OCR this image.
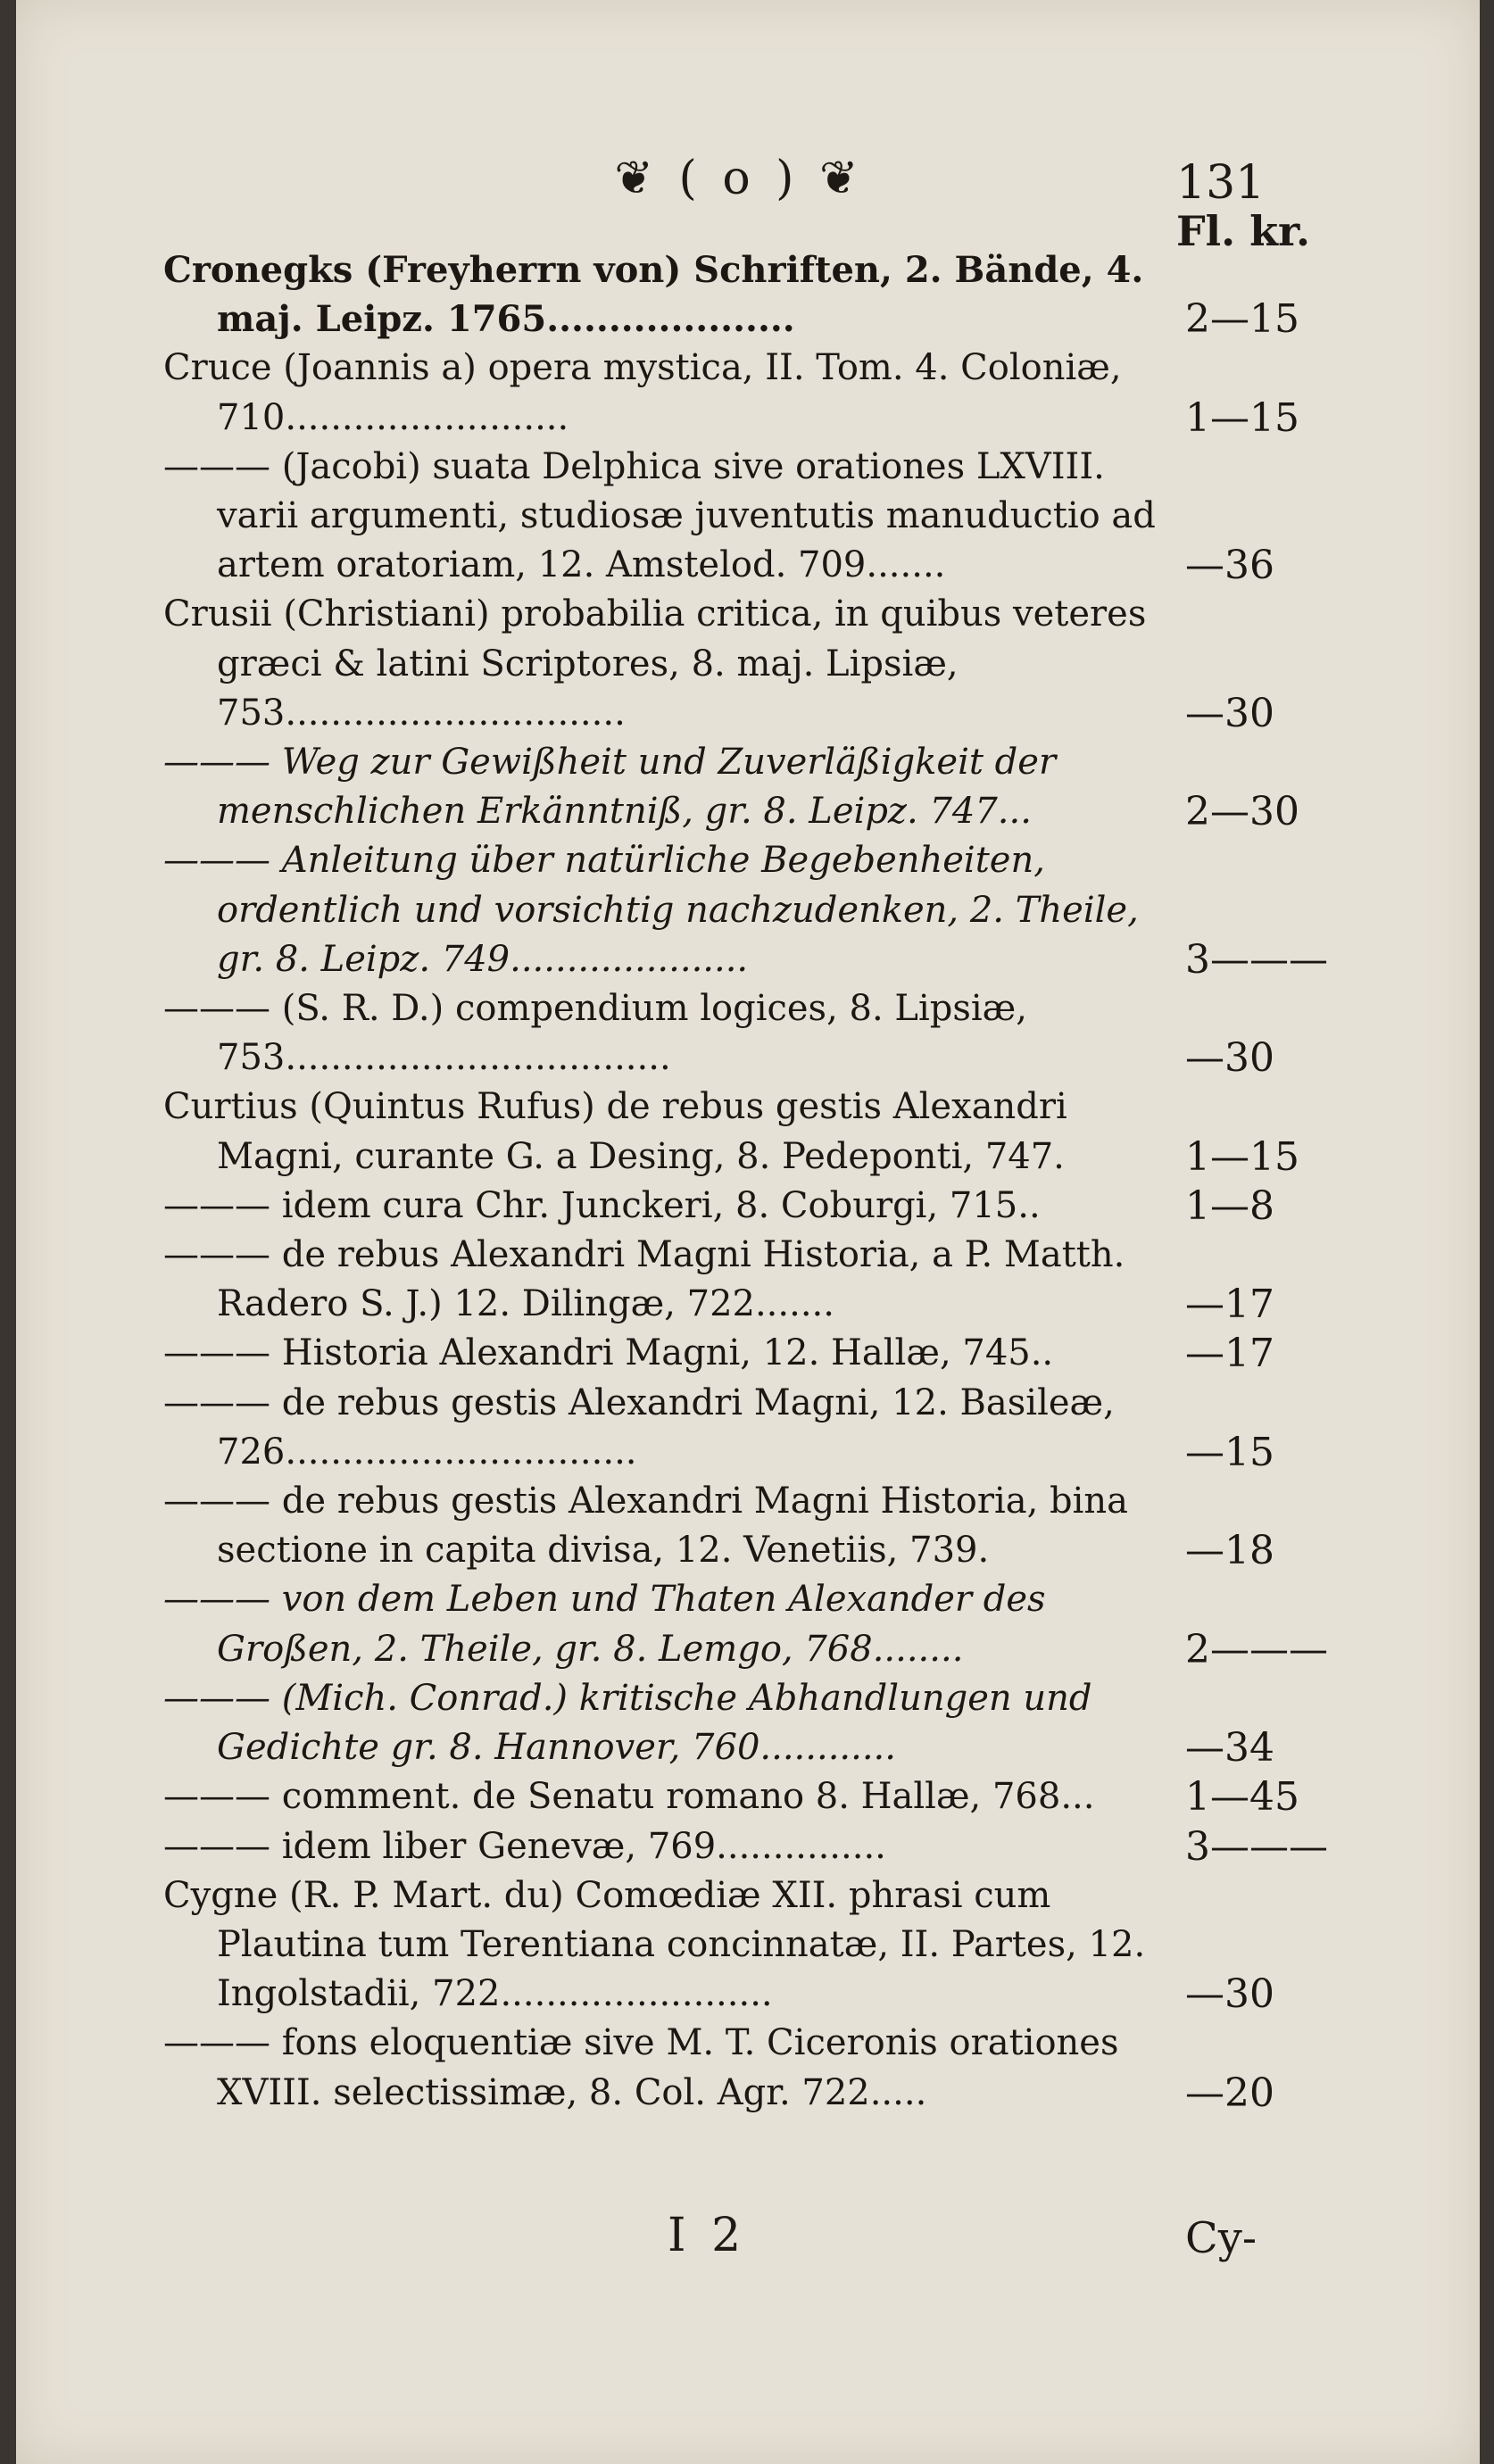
❦ ( o ) ❦	131
Fl. kr.
Cronegks (Freyherrn von) Schriften, 2. Bände, 4. maj. Leipz. 1765....................	2—15
Cruce (Joannis a) opera mystica, II. Tom. 4. Coloniæ, 710.........................	1—15
——— (Jacobi) suata Delphica sive orationes LXVIII. varii argumenti, studiosæ juventutis manuductio ad artem oratoriam, 12. Amstelod. 709.......	—36
Crusii (Christiani) probabilia critica, in quibus veteres græci & latini Scriptores, 8. maj. Lipsiæ, 753..............................	—30
——— Weg zur Gewißheit und Zuverläßigkeit der menschlichen Erkänntniß, gr. 8. Leipz. 747...	2—30
——— Anleitung über natürliche Begebenheiten, ordentlich und vorsichtig nachzudenken, 2. Theile, gr. 8. Leipz. 749.....................	3———
——— (S. R. D.) compendium logices, 8. Lipsiæ, 753..................................	—30
Curtius (Quintus Rufus) de rebus gestis Alexandri Magni, curante G. a Desing, 8. Pedeponti, 747.	1—15
——— idem cura Chr. Junckeri, 8. Coburgi, 715..	1—8
——— de rebus Alexandri Magni Historia, a P. Matth. Radero S. J.) 12. Dilingæ, 722.......	—17
——— Historia Alexandri Magni, 12. Hallæ, 745..	—17
——— de rebus gestis Alexandri Magni, 12. Basileæ, 726...............................	—15
——— de rebus gestis Alexandri Magni Historia, bina sectione in capita divisa, 12. Venetiis, 739.	—18
——— von dem Leben und Thaten Alexander des Großen, 2. Theile, gr. 8. Lemgo, 768........	2———
——— (Mich. Conrad.) kritische Abhandlungen und Gedichte gr. 8. Hannover, 760............	—34
——— comment. de Senatu romano 8. Hallæ, 768...	1—45
——— idem liber Genevæ, 769...............	3———
Cygne (R. P. Mart. du) Comœdiæ XII. phrasi cum Plautina tum Terentiana concinnatæ, II. Partes, 12. Ingolstadii, 722........................	—30
——— fons eloquentiæ sive M. T. Ciceronis orationes XVIII. selectissimæ, 8. Col. Agr. 722.....	—20
I 2	Cy-
